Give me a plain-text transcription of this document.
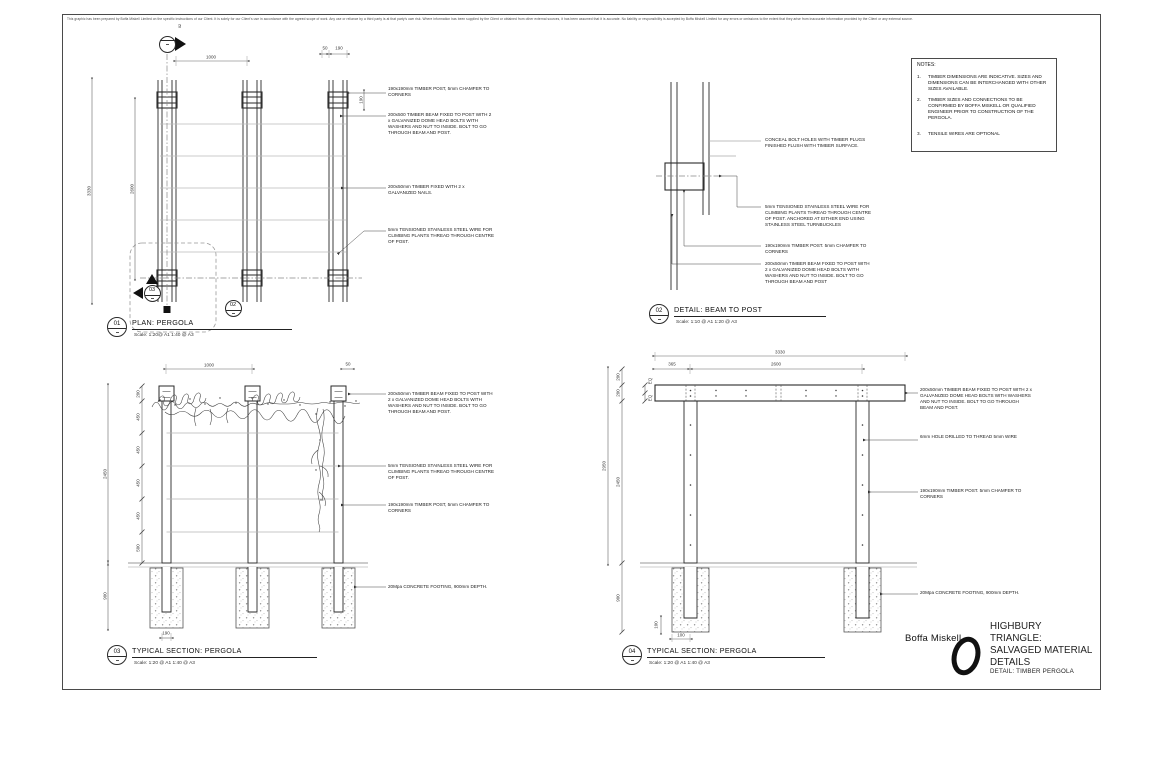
This graphic has been prepared by Boffa Miskell Limited on the specific instructions of our Client. It is solely for our Client's use in accordance with the agreed scope of work. Any use or reliance by a third party is at that party's own risk. Where information has been supplied by the Client or obtained from other external sources, it has been assumed that it is accurate. No liability or responsibility is accepted by Boffa Miskell Limited for any errors or omissions to the extent that they arise from inaccurate information provided by the Client or any external source.
1000
50 190
3330	2600
190
190x190mm TIMBER POST, 5mm CHAMFER TO CORNERS
200x500 TIMBER BEAM FIXED TO POST WITH 2 x GALVANIZED DOME HEAD BOLTS WITH WASHERS AND NUT TO INSIDE. BOLT TO GO THROUGH BEAM AND POST.
200x50mm TIMBER FIXED WITH 2 x GALVANIZED NAILS.
5mm TENSIONED STAINLESS STEEL WIRE FOR CLIMBING PLANTS THREAD THROUGH CENTRE OF POST.
02
03
02
01	PLAN: PERGOLA
Scale: 1:20@ A1 1:40 @ A3
CONCEAL BOLT HOLES WITH TIMBER PLUGS FINISHED FLUSH WITH TIMBER SURFACE.
5mm TENSIONED STAINLESS STEEL WIRE FOR CLIMBING PLANTS THREAD THROUGH CENTRE OF POST. ANCHORED AT EITHER END USING STAINLESS STEEL TURNBUCKLES
190x190mm TIMBER POST. 5mm CHAMFER TO CORNERS
200x50mm TIMBER BEAM FIXED TO POST WITH 2 x GALVANIZED DOME HEAD BOLTS WITH WASHERS AND NUT TO INSIDE. BOLT TO GO THROUGH BEAM AND POST
02	DETAIL: BEAM TO POST
Scale: 1:10 @ A1 1:20 @ A3
1000	50
200
450
450
450
450
500
2450
900
190
200x50mm TIMBER BEAM FIXED TO POST WITH 2 x GALVANIZED DOME HEAD BOLTS WITH WASHERS AND NUT TO INSIDE. BOLT TO GO THROUGH BEAM AND POST.
5mm TENSIONED STAINLESS STEEL WIRE FOR CLIMBING PLANTS THREAD THROUGH CENTRE OF POST.
190x190mm TIMBER POST, 5mm CHAMFER TO CORNERS
20Mpa CONCRETE FOOTING, 900mm DEPTH.
03	TYPICAL SECTION: PERGOLA
Scale: 1:20 @ A1 1:40 @ A3
3330
365	2600
200
200
EQ
EQ
2950
2450
900
100
100
200x50mm TIMBER BEAM FIXED TO POST WITH 2 x GALVANIZED DOME HEAD BOLTS WITH WASHERS AND NUT TO INSIDE. BOLT TO GO THROUGH BEAM AND POST.
6mm HOLE DRILLED TO THREAD 5mm WIRE
190x190mm TIMBER POST. 5mm CHAMFER TO CORNERS
20Mpa CONCRETE FOOTING, 900mm DEPTH.
04	TYPICAL SECTION: PERGOLA
Scale: 1:20 @ A1 1:40 @ A3
NOTES:
1.	TIMBER DIMENSIONS ARE INDICATIVE. SIZES AND DIMENSIONS CAN BE INTERCHANGED WITH OTHER SIZES AVAILABLE.
2.	TIMBER SIZES AND CONNECTIONS TO BE CONFIRMED BY BOFFA MISKELL OR QUALIFIED ENGINEER PRIOR TO CONSTRUCTION OF THE PERGOLA.
3.	TENSILE WIRES ARE OPTIONAL
Boffa Miskell
HIGHBURY TRIANGLE: SALVAGED MATERIAL DETAILS
DETAIL: TIMBER PERGOLA
